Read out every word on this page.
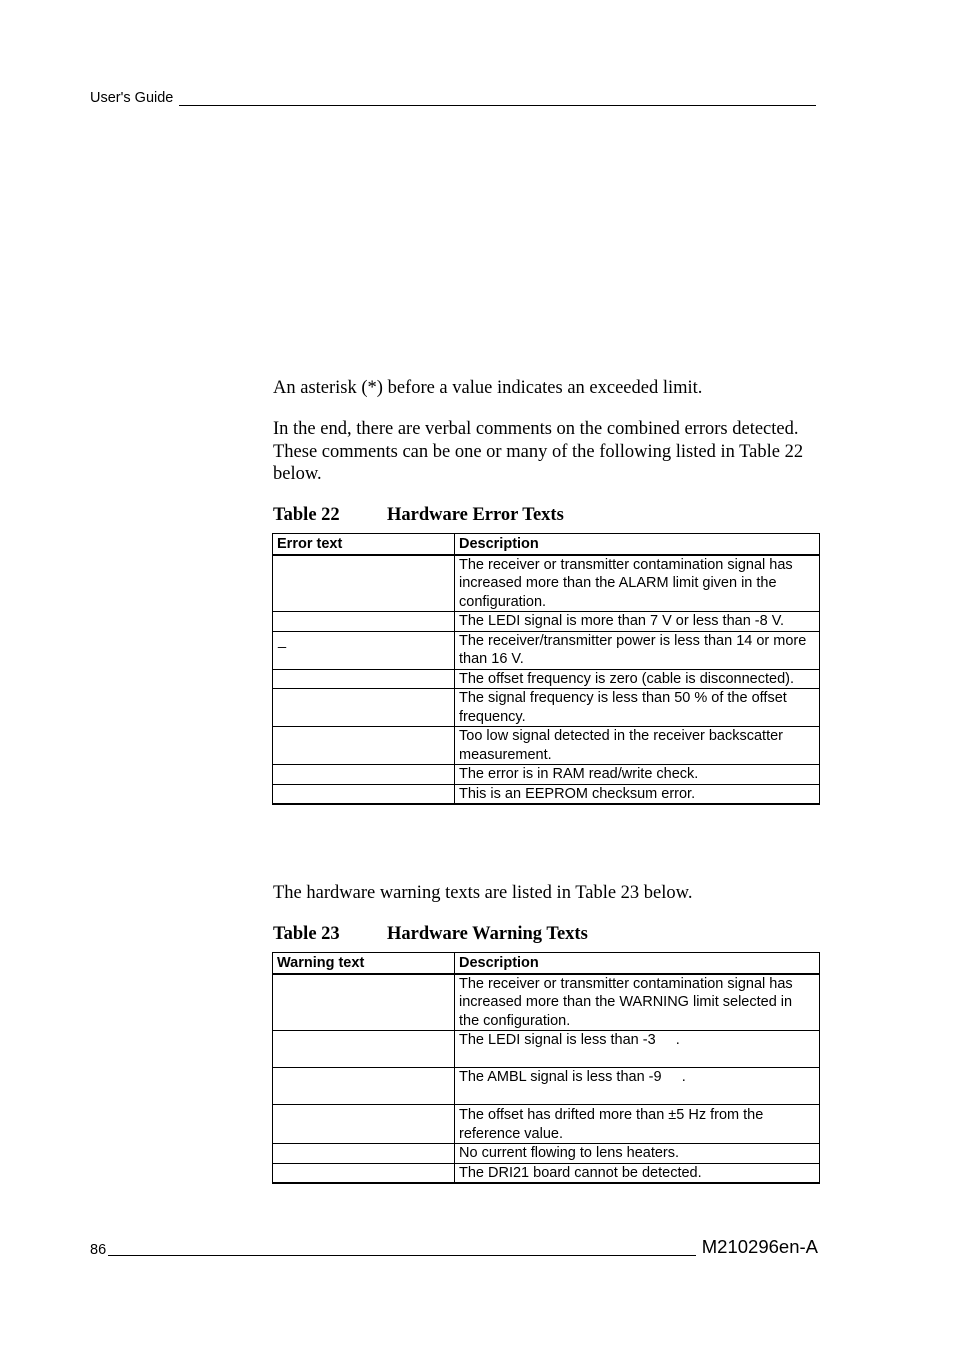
User's Guide

An asterisk (*) before a value indicates an exceeded limit.

In the end, there are verbal comments on the combined errors detected. These comments can be one or many of the following listed in Table 22 below.

Table 22	Hardware Error Texts
Error text	Description
	The receiver or transmitter contamination signal has increased more than the ALARM limit given in the configuration.
	The LEDI signal is more than 7 V or less than -8 V.
_	The receiver/transmitter power is less than 14 or more than 16 V.
	The offset frequency is zero (cable is disconnected).
	The signal frequency is less than 50 % of the offset frequency.
	Too low signal detected in the receiver backscatter measurement.
	The error is in RAM read/write check.
	This is an EEPROM checksum error.

The hardware warning texts are listed in Table 23 below.

Table 23	Hardware Warning Texts
Warning text	Description
	The receiver or transmitter contamination signal has increased more than the WARNING limit selected in the configuration.
	The LEDI signal is less than -3     .
	The AMBL signal is less than -9     .
	The offset has drifted more than ±5 Hz from the reference value.
	No current flowing to lens heaters.
	The DRI21 board cannot be detected.
86	M210296en-A
